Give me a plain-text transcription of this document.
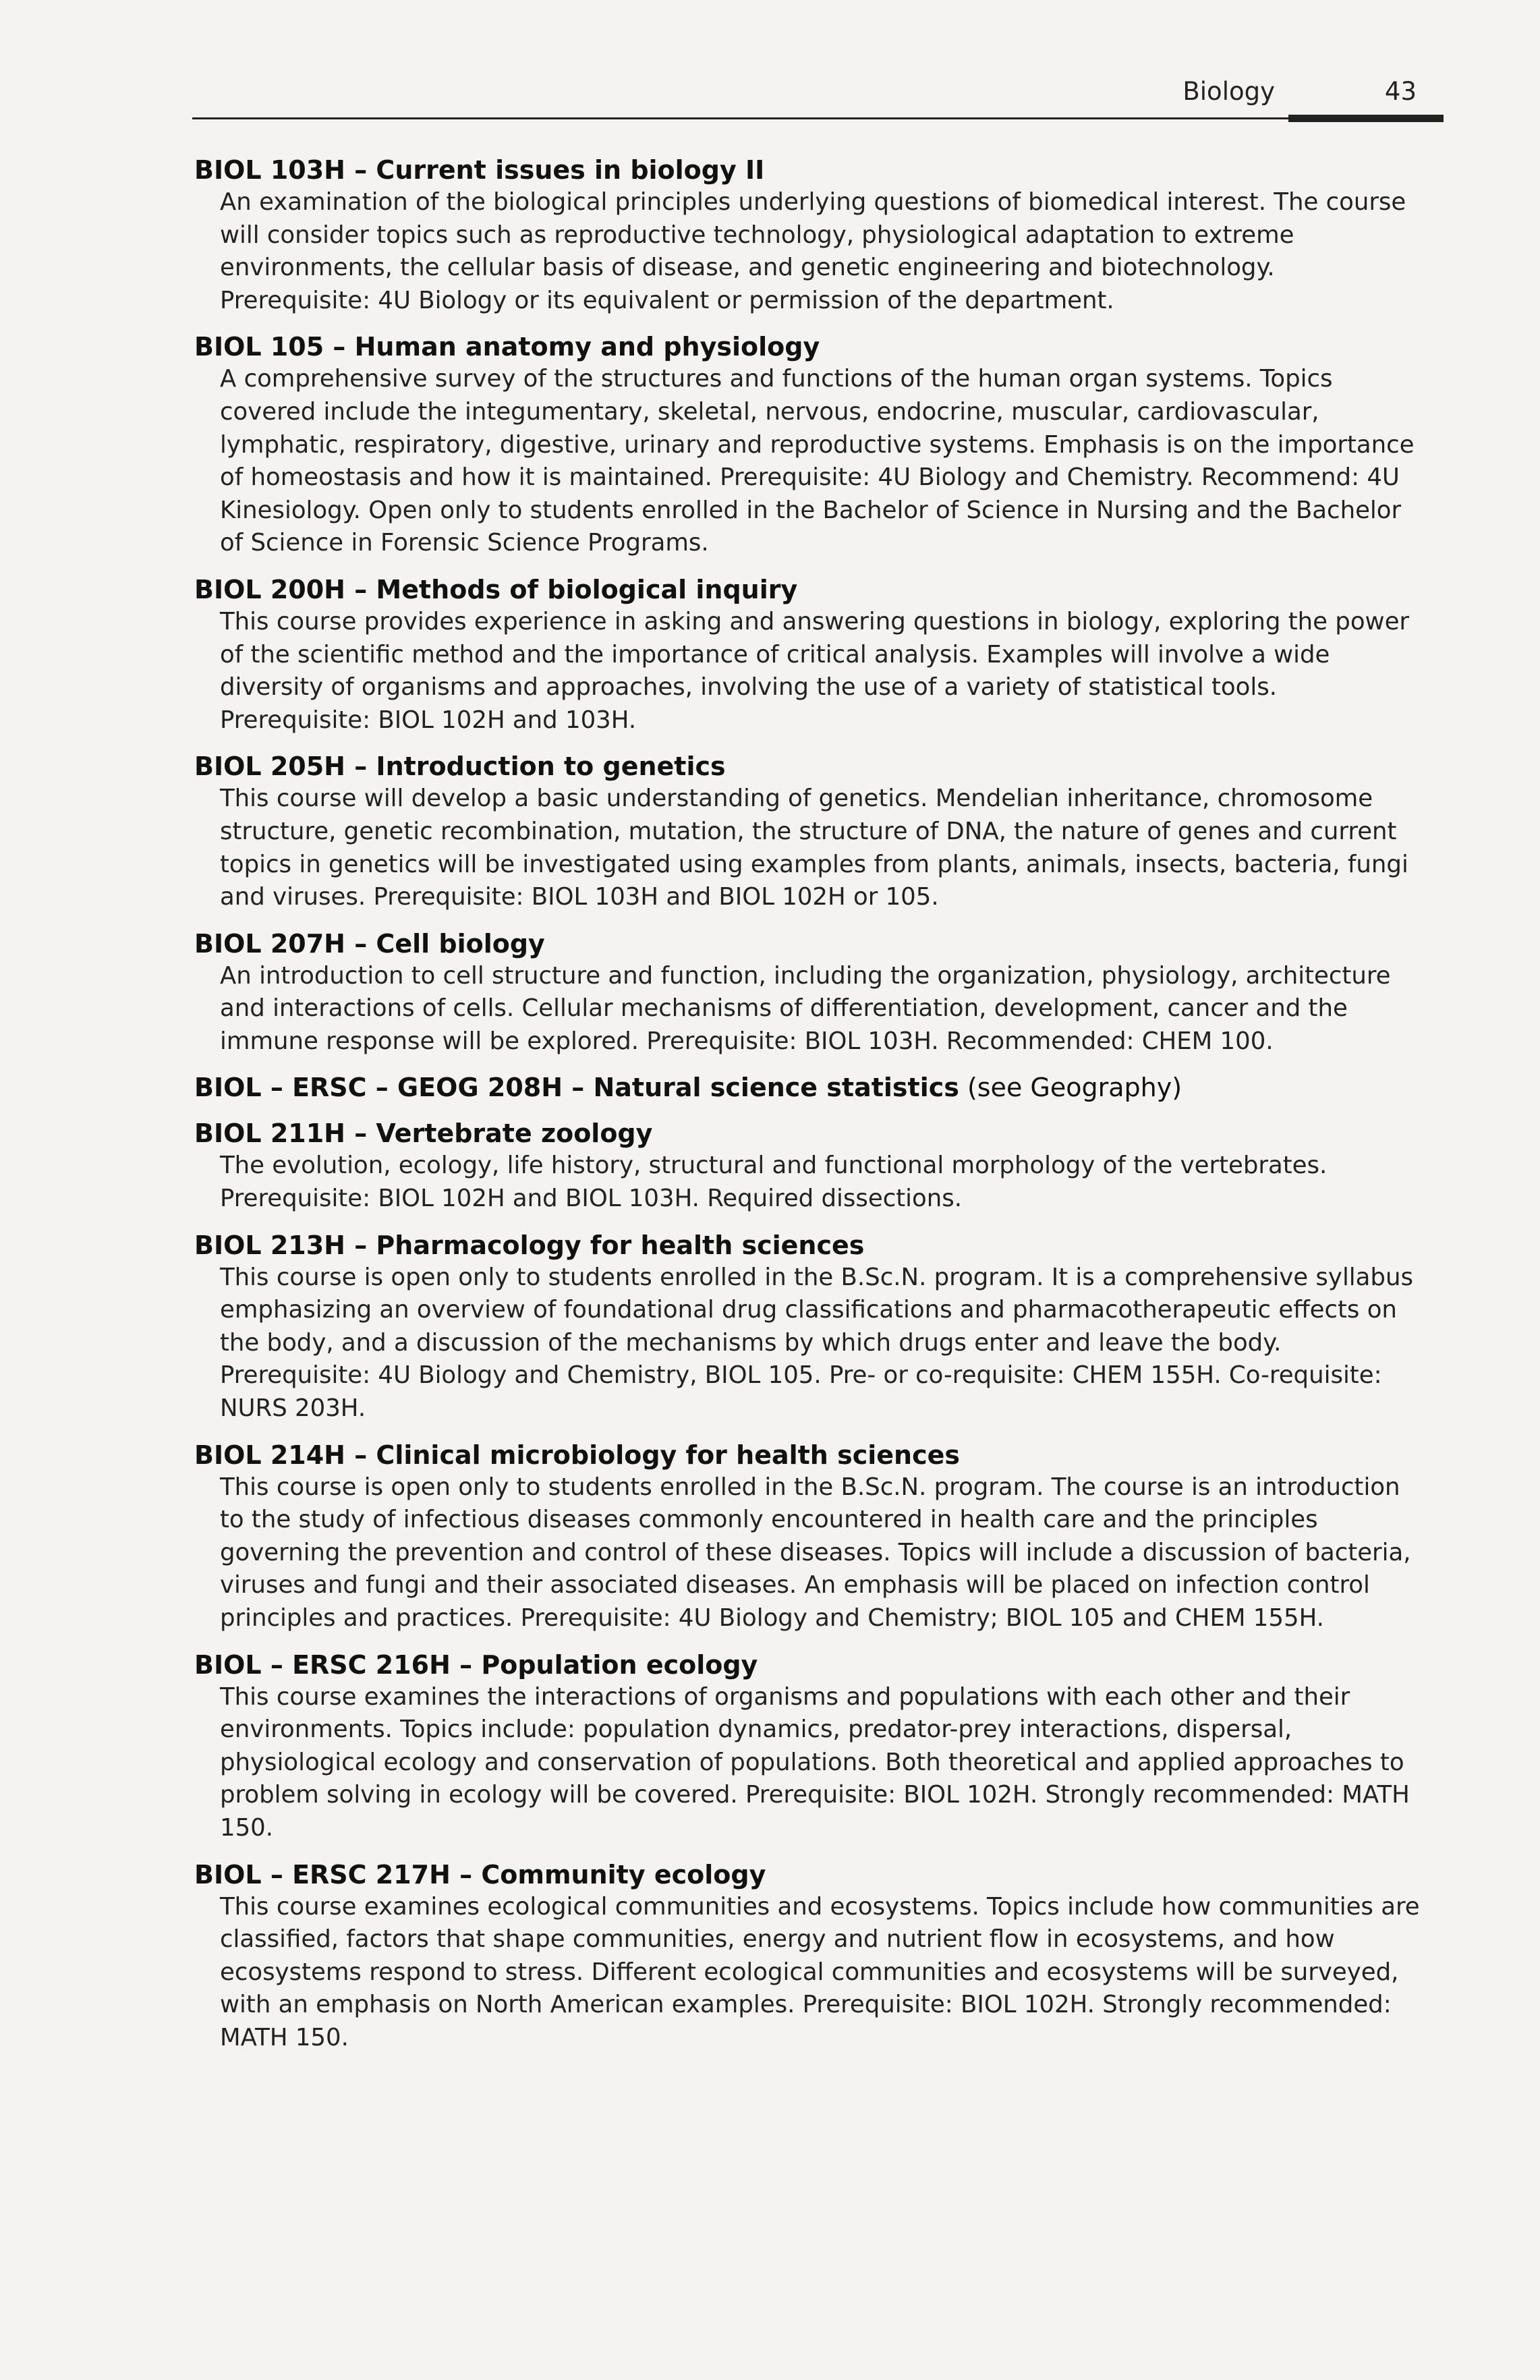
Biology	43

BIOL 103H – Current issues in biology II

An examination of the biological principles underlying questions of biomedical interest. The course will consider topics such as reproductive technology, physiological adaptation to extreme environments, the cellular basis of disease, and genetic engineering and biotechnology. Prerequisite: 4U Biology or its equivalent or permission of the department.

BIOL 105 – Human anatomy and physiology

A comprehensive survey of the structures and functions of the human organ systems. Topics covered include the integumentary, skeletal, nervous, endocrine, muscular, cardiovascular, lymphatic, respiratory, digestive, urinary and reproductive systems. Emphasis is on the importance of homeostasis and how it is maintained. Prerequisite: 4U Biology and Chemistry. Recommend: 4U Kinesiology. Open only to students enrolled in the Bachelor of Science in Nursing and the Bachelor of Science in Forensic Science Programs.

BIOL 200H – Methods of biological inquiry

This course provides experience in asking and answering questions in biology, exploring the power of the scientific method and the importance of critical analysis. Examples will involve a wide diversity of organisms and approaches, involving the use of a variety of statistical tools. Prerequisite: BIOL 102H and 103H.

BIOL 205H – Introduction to genetics

This course will develop a basic understanding of genetics. Mendelian inheritance, chromosome structure, genetic recombination, mutation, the structure of DNA, the nature of genes and current topics in genetics will be investigated using examples from plants, animals, insects, bacteria, fungi and viruses. Prerequisite: BIOL 103H and BIOL 102H or 105.

BIOL 207H – Cell biology

An introduction to cell structure and function, including the organization, physiology, architecture and interactions of cells. Cellular mechanisms of differentiation, development, cancer and the immune response will be explored. Prerequisite: BIOL 103H. Recommended: CHEM 100.

BIOL – ERSC – GEOG 208H – Natural science statistics (see Geography)

BIOL 211H – Vertebrate zoology

The evolution, ecology, life history, structural and functional morphology of the vertebrates. Prerequisite: BIOL 102H and BIOL 103H. Required dissections.

BIOL 213H – Pharmacology for health sciences

This course is open only to students enrolled in the B.Sc.N. program. It is a comprehensive syllabus emphasizing an overview of foundational drug classifications and pharmacotherapeutic effects on the body, and a discussion of the mechanisms by which drugs enter and leave the body. Prerequisite: 4U Biology and Chemistry, BIOL 105. Pre- or co-requisite: CHEM 155H. Co-requisite: NURS 203H.

BIOL 214H – Clinical microbiology for health sciences

This course is open only to students enrolled in the B.Sc.N. program. The course is an introduction to the study of infectious diseases commonly encountered in health care and the principles governing the prevention and control of these diseases. Topics will include a discussion of bacteria, viruses and fungi and their associated diseases. An emphasis will be placed on infection control principles and practices. Prerequisite: 4U Biology and Chemistry; BIOL 105 and CHEM 155H.

BIOL – ERSC 216H – Population ecology

This course examines the interactions of organisms and populations with each other and their environments. Topics include: population dynamics, predator-prey interactions, dispersal, physiological ecology and conservation of populations. Both theoretical and applied approaches to problem solving in ecology will be covered. Prerequisite: BIOL 102H. Strongly recommended: MATH 150.

BIOL – ERSC 217H – Community ecology

This course examines ecological communities and ecosystems. Topics include how communities are classified, factors that shape communities, energy and nutrient flow in ecosystems, and how ecosystems respond to stress. Different ecological communities and ecosystems will be surveyed, with an emphasis on North American examples. Prerequisite: BIOL 102H. Strongly recommended: MATH 150.
